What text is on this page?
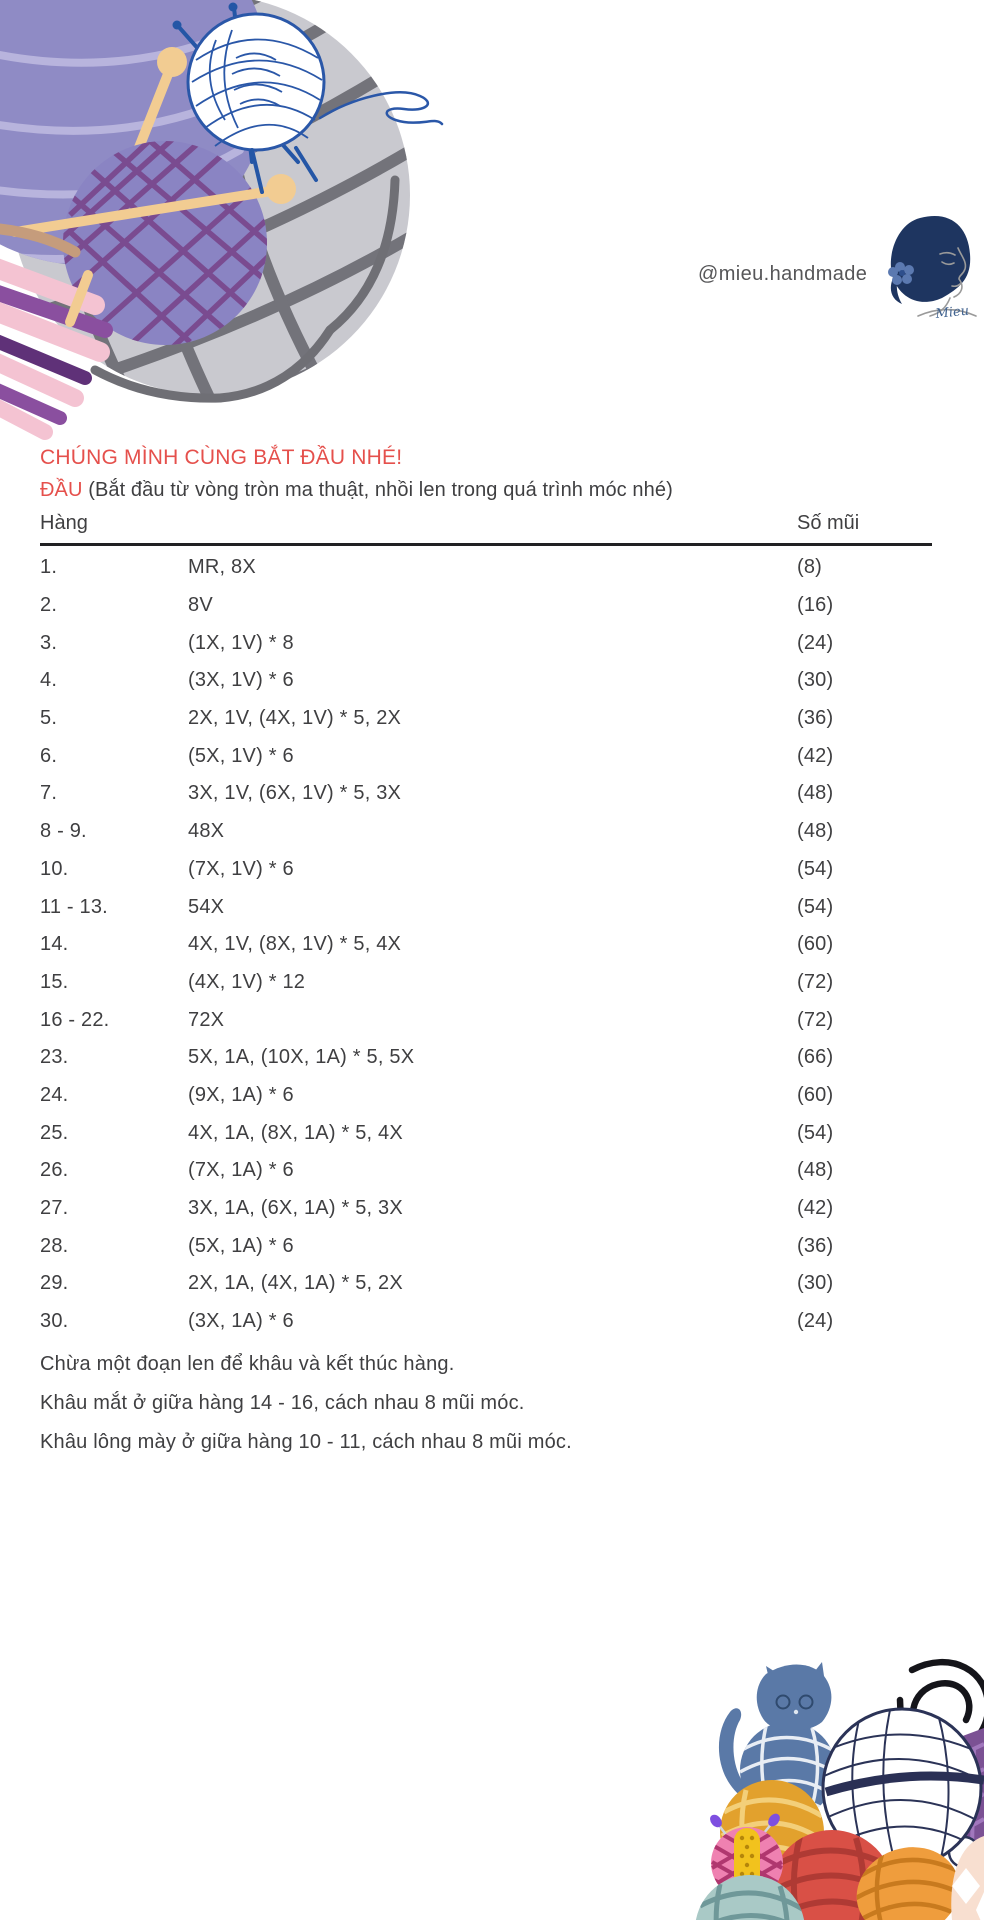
@mieu.handmade
Mieu
CHÚNG MÌNH CÙNG BẮT ĐẦU NHÉ!

ĐẦU (Bắt đầu từ vòng tròn ma thuật, nhồi len trong quá trình móc nhé)

Hàng	Số mũi
1.	MR, 8X	(8)
2.	8V	(16)
3.	(1X, 1V) * 8	(24)
4.	(3X, 1V) * 6	(30)
5.	2X, 1V, (4X, 1V) * 5, 2X	(36)
6.	(5X, 1V) * 6	(42)
7.	3X, 1V, (6X, 1V) * 5, 3X	(48)
8 - 9.	48X	(48)
10.	(7X, 1V) * 6	(54)
11 - 13.	54X	(54)
14.	4X, 1V, (8X, 1V) * 5, 4X	(60)
15.	(4X, 1V) * 12	(72)
16 - 22.	72X	(72)
23.	5X, 1A, (10X, 1A) * 5, 5X	(66)
24.	(9X, 1A) * 6	(60)
25.	4X, 1A, (8X, 1A) * 5, 4X	(54)
26.	(7X, 1A) * 6	(48)
27.	3X, 1A, (6X, 1A) * 5, 3X	(42)
28.	(5X, 1A) * 6	(36)
29.	2X, 1A, (4X, 1A) * 5, 2X	(30)
30.	(3X, 1A) * 6	(24)

Chừa một đoạn len để khâu và kết thúc hàng.

Khâu mắt ở giữa hàng 14 - 16, cách nhau 8 mũi móc.

Khâu lông mày ở giữa hàng 10 - 11, cách nhau 8 mũi móc.
